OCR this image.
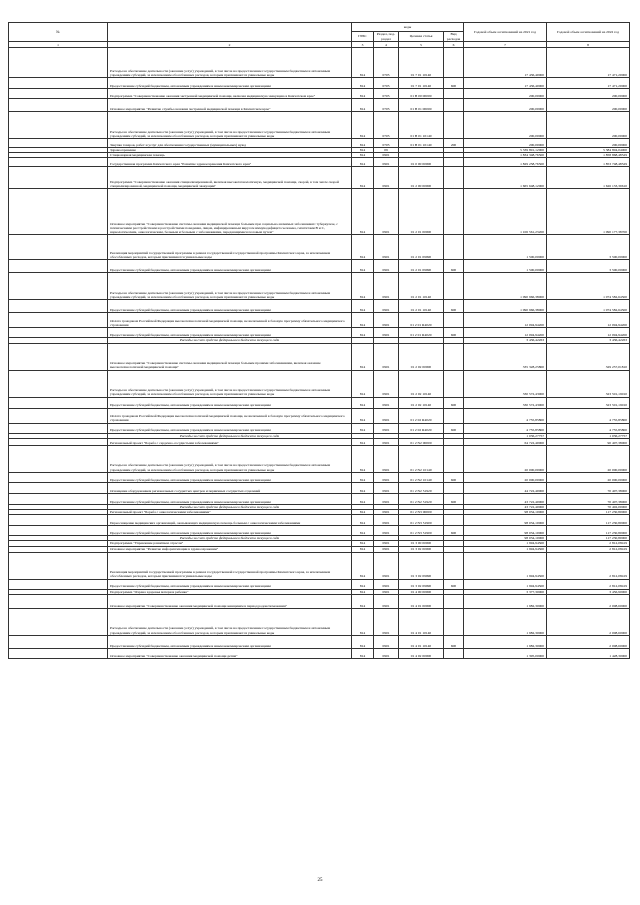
№		коды				Годовой объем ассигнований на 2021 год	Годовой объем ассигнований на 2022 год
		ГРБС	Раздел, под-раздел	Целевая статья	Вид расходов		
1	2	3	4	5	6	7	8
	Расходы на обеспечение деятельности (оказание услуг) учреждений, в том числе на предоставление государственным бюджетным и автономным учреждениям субсидий, за исключением обособленных расходов, которым присваиваются уникальные коды	814	0705	01 7 01 10140		17 436,40000	17 471,20000
	Предоставление субсидий бюджетным, автономным учреждениям и иным некоммерческим организациям	814	0705	01 7 01 10140	600	17 436,40000	17 471,20000
	Подпрограмма "Совершенствование оказания экстренной медицинской помощи, включая медицинскую эвакуацию в Камчатском крае"	814	0705	01 В 00 00000		200,00000	200,00000
	Основное мероприятие "Развитие службы оказания экстренной медицинской помощи в Камчатском крае"	814	0705	01 В 01 00000		200,00000	200,00000
	Расходы на обеспечение деятельности (оказание услуг) учреждений, в том числе на предоставление государственным бюджетным и автономным учреждениям субсидий, за исключением обособленных расходов, которым присваиваются уникальные коды	814	0705	01 В 01 10140		200,00000	200,00000
	Закупка товаров, работ и услуг для обеспечения государственных (муниципальных) нужд	814	0705	01 В 01 10140	200	200,00000	200,00000
	Здравоохранение	814	09			5 339 891,12000	5 384 804,04000
	Стационарная медицинская помощь	814	0901			1 834 348,76500	1 858 868,48529
	Государственная программа Камчатского края "Развитие здравоохранения Камчатского края"	814	0901	01 0 00 00000		1 829 258,76500	1 853 748,48529
	Подпрограмма "Совершенствование оказания специализированной, включая высокотехнологичную, медицинской помощи, скорой, в том числе скорой специализированной, медицинской помощи, медицинской эвакуации"	814	0901	01 2 00 00000		1 665 648,12000	1 626 133,39610
	Основное мероприятие "Совершенствование системы оказания медицинской помощи больным при социально-значимых заболеваниях: туберкулезе, с психическими расстройствами и расстройствами поведения, лицам, инфицированным вирусом иммунодефицита человека, гепатитами В и С, наркологическим, онкологическим, больным и больным с заболеваниями, передающимися половым путем"	814	0901	01 2 01 00000		1 106 561,23200	1 090 177,38700
	Реализация мероприятий государственной программы в рамках государственной государственной программы Камчатского края, за исключением обособленных расходов, которым присваиваются уникальные коды	814	0901	01 2 01 09990		1 500,00000	3 500,00000
	Предоставление субсидий бюджетным, автономным учреждениям и иным некоммерческим организациям	814	0901	01 2 01 09990	600	1 500,00000	3 500,00000
	Расходы на обеспечение деятельности (оказание услуг) учреждений, в том числе на предоставление государственным бюджетным и автономным учреждениям субсидий, за исключением обособленных расходов, которым присваиваются уникальные коды	814	0901	01 2 01 10140		1 090 966,38000	1 074 582,64500
	Предоставление субсидий бюджетным, автономным учреждениям и иным некоммерческим организациям	814	0901	01 2 01 10140	600	1 090 966,38000	1 074 582,64500
	Оплата гражданам Российской Федерации высокотехнологичной медицинской помощи, не включенной в базовую программу обязательного медицинского страхования	814	0901	01 2 01 R4020		12 094,94200	12 094,94200
	Предоставление субсидий бюджетным, автономным учреждениям и иным некоммерческим организациям	814	0901	01 2 01 R4020	600	12 094,94200	12 094,94200
	Расходы за счет средств федерального бюджета текущего года					3 436,42263	3 436,42263
	Основное мероприятие "Совершенствование системы оказания медицинской помощи больным прочими заболеваниями, включая оказание высокотехнологичной медицинской помощи"	814	0901	01 2 02 00000		335 328,25800	329 257,01810
	Расходы на обеспечение деятельности (оказание услуг) учреждений, в том числе на предоставление государственным бюджетным и автономным учреждениям субсидий, за исключением обособленных расходов, которым присваиваются уникальные коды	814	0901	01 2 02 10140		330 572,43000	323 501,19010
	Предоставление субсидий бюджетным, автономным учреждениям и иным некоммерческим организациям	814	0901	01 2 02 10140	600	330 572,43000	323 501,19010
	Оплата гражданам Российской Федерации высокотехнологичной медицинской помощи, не включенной в базовую программу обязательного медицинского страхования	814	0901	01 2 02 R4020		4 755,85800	4 755,85800
	Предоставление субсидий бюджетным, автономным учреждениям и иным некоммерческим организациям	814	0901	01 2 02 R4020	600	4 755,85800	4 755,85800
	Расходы за счет средств федерального бюджета текущего года					1 036,27757	1 036,27757
	Региональный проект "Борьба с сердечно-сосудистыми заболеваниями"	814	0901	01 2 N2 00000		64 722,40000	90 407,38000
	Расходы на обеспечение деятельности (оказание услуг) учреждений, в том числе на предоставление государственным бюджетным и автономным учреждениям субсидий, за исключением обособленных расходов, которым присваиваются уникальные коды	814	0901	01 2 N2 10140		20 000,00000	20 000,00000
	Предоставление субсидий бюджетным, автономным учреждениям и иным некоммерческим организациям	814	0901	01 2 N2 10140	600	20 000,00000	20 000,00000
	Оснащение оборудованием региональных сосудистых центров и первичных сосудистых отделений	814	0901	01 2 N2 51920		44 722,40000	70 407,38000
	Предоставление субсидий бюджетным, автономным учреждениям и иным некоммерческим организациям	814	0901	01 2 N2 51920	600	43 722,40000	70 407,38000
	Расходы за счет средств федерального бюджета текущего года					43 722,40000	70 402,00000
	Региональный проект "Борьба с онкологическими заболеваниями"	814	0901	01 2 N3 00000		98 034,10000	117 230,80000
	Переоснащение медицинских организаций, оказывающих медицинскую помощь больным с онкологическими заболеваниями	814	0901	01 2 N3 51900		98 034,10000	117 230,80000
	Предоставление субсидий бюджетным, автономным учреждениям и иным некоммерческим организациям	814	0901	01 2 N3 51900	600	98 034,10000	117 230,80000
	Расходы за счет средств федерального бюджета текущего года					98 034,10000	117 230,80000
	Подпрограмма "Управление развитием отрасли"	814	0901	01 3 00 00000		1 994,94500	2 812,08419
	Основное мероприятие "Развитие информатизации в здравоохранении"	814	0901	01 3 02 00000		1 994,94500	2 812,08419
	Реализация мероприятий государственной программы в рамках государственной государственной программы Камчатского края, за исключением обособленных расходов, которым присваиваются уникальные коды	814	0901	01 3 02 09990		1 994,94500	2 812,08419
	Предоставление субсидий бюджетным, автономным учреждениям и иным некоммерческим организациям	814	0901	01 3 02 09990	600	1 994,94500	2 812,08419
	Подпрограмма "Охрана здоровья матери и ребенка"	814	0901	01 4 00 00000		3 377,30000	3 456,90000
	Основное мероприятие "Совершенствование оказания медицинской помощи женщинам в период родовспоможения"	814	0901	01 4 01 00000		1 982,30000	2 008,60000
	Расходы на обеспечение деятельности (оказание услуг) учреждений, в том числе на предоставление государственным бюджетным и автономным учреждениям субсидий, за исключением обособленных расходов, которым присваиваются уникальные коды	814	0901	01 4 01 10140		1 982,30000	2 008,60000
	Предоставление субсидий бюджетным, автономным учреждениям и иным некоммерческим организациям	814	0901	01 4 01 10140	600	1 982,30000	2 008,60000
	Основное мероприятие "Совершенствование оказания медицинской помощи детям"	814	0901	01 4 02 00000		1 395,00000	1 428,30000
25
